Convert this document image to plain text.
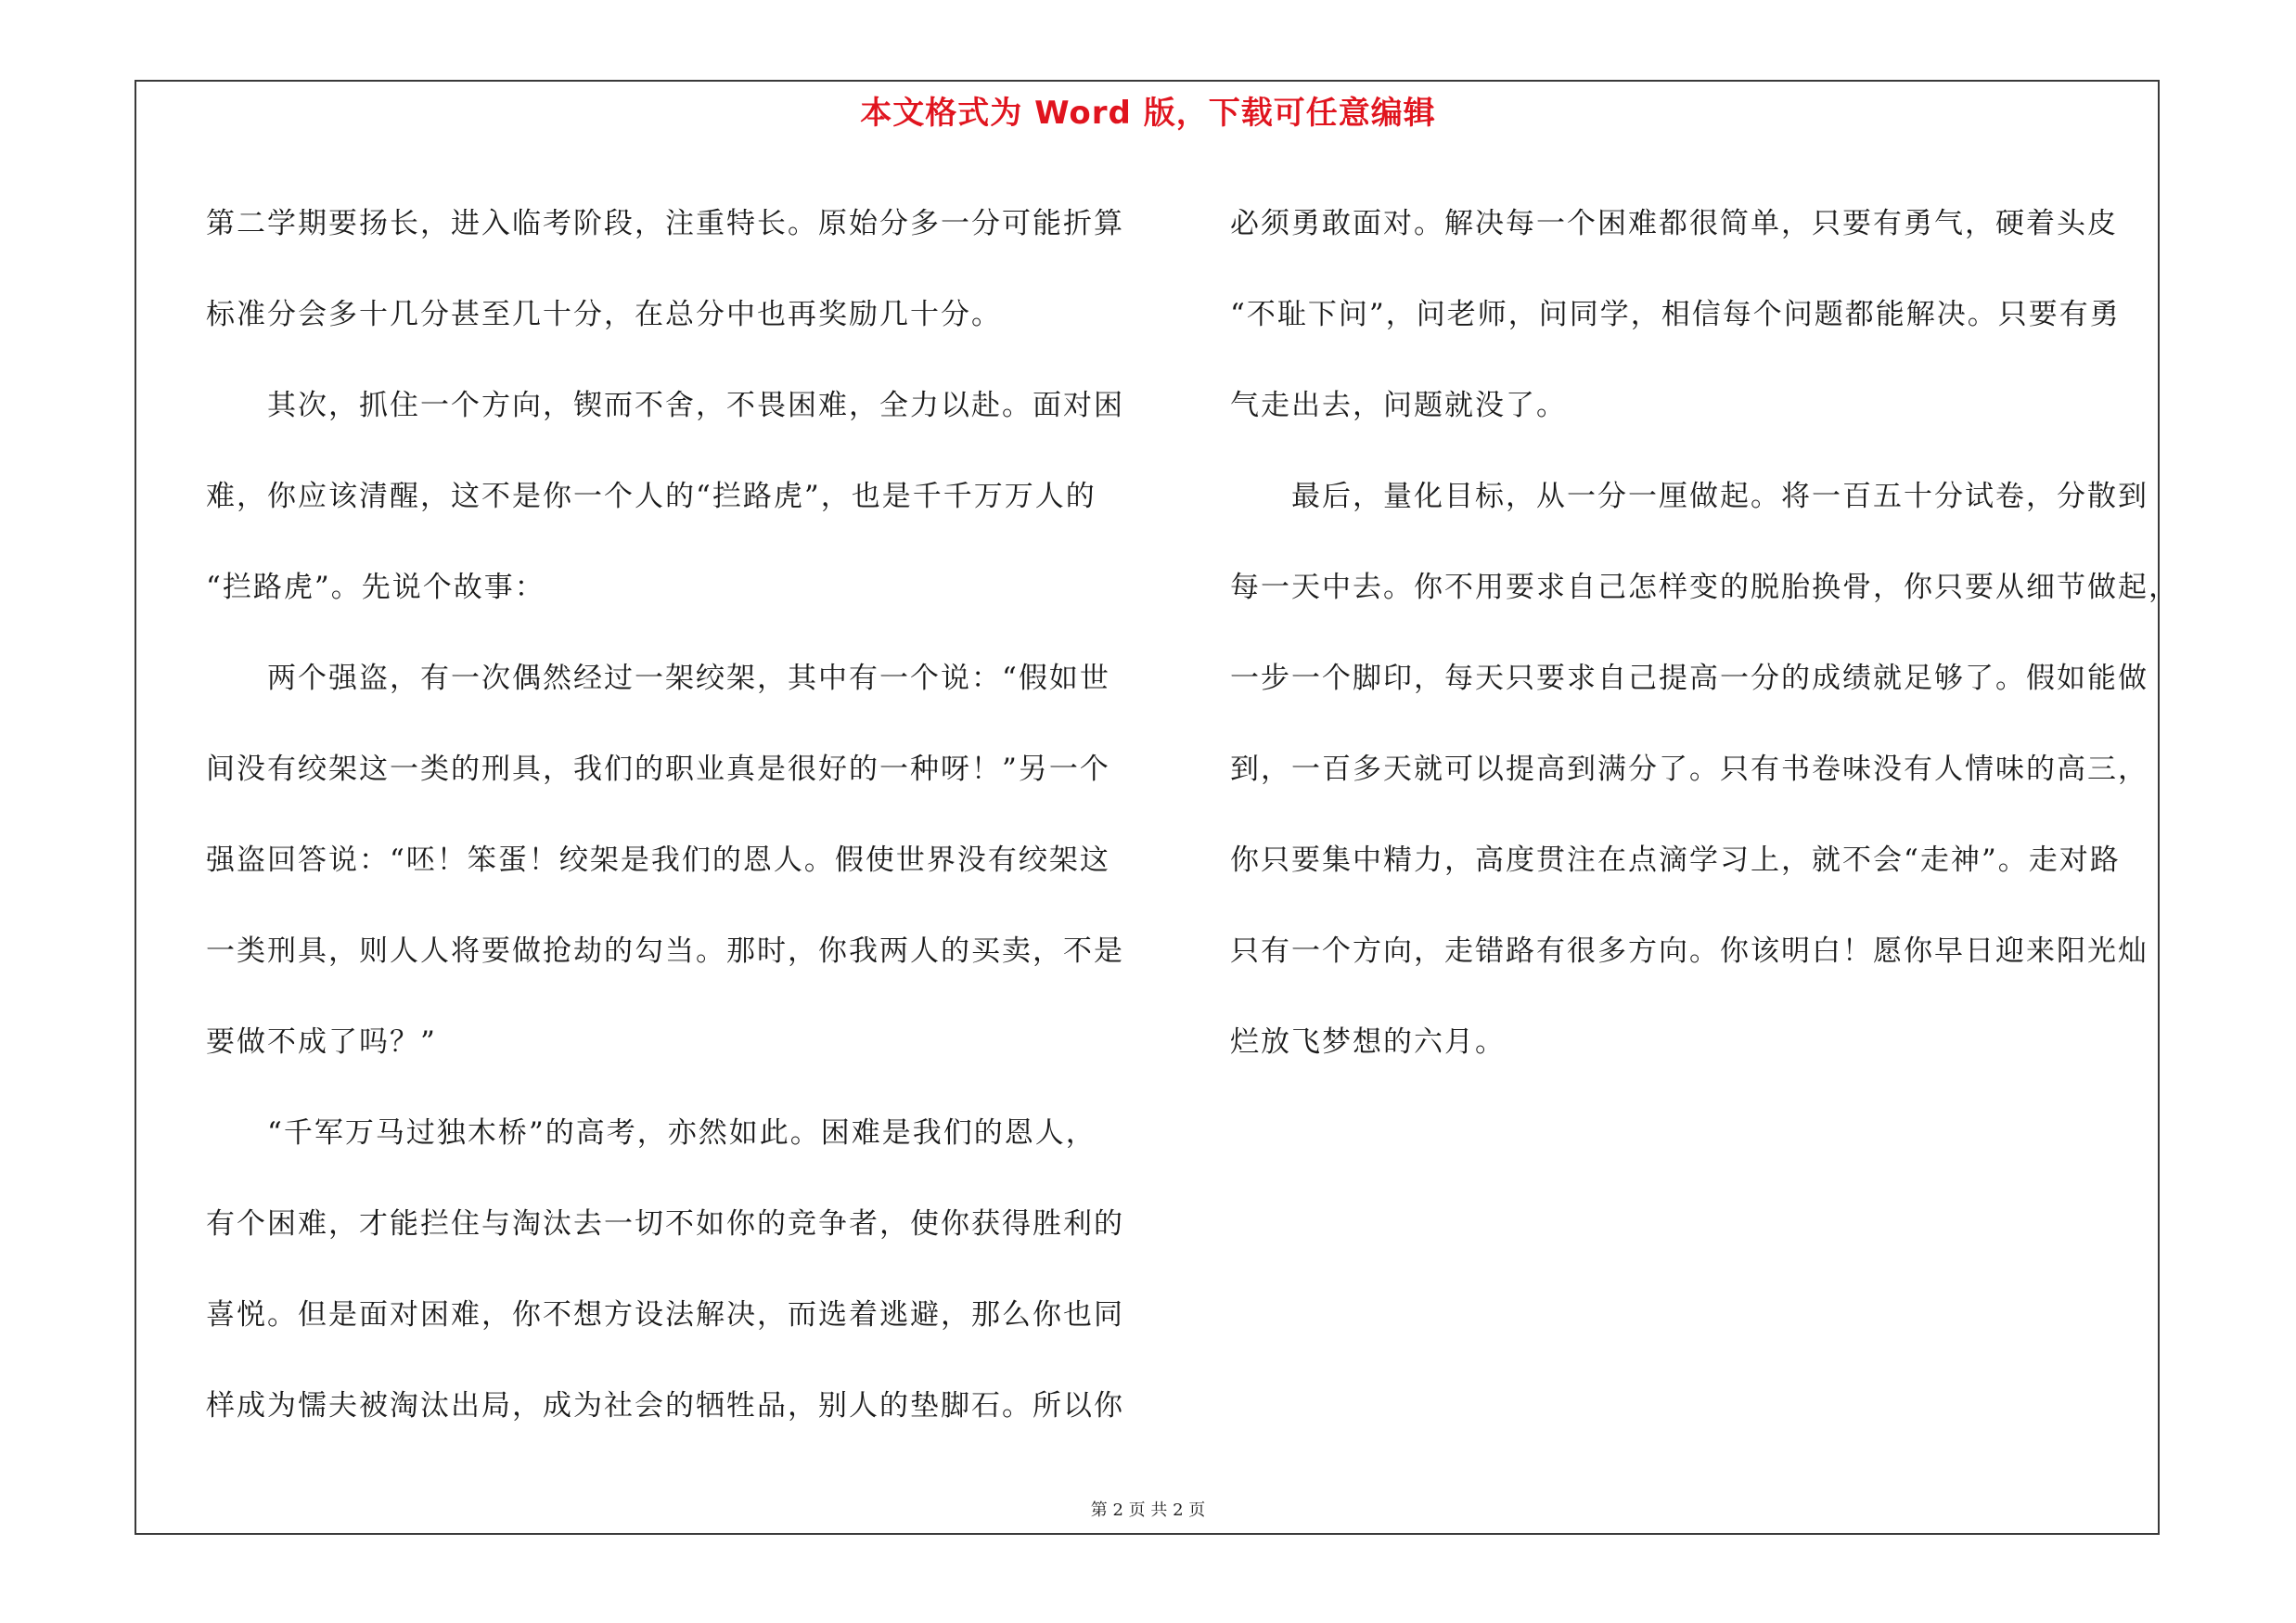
本文格式为 Word 版，下载可任意编辑
第二学期要扬长，进入临考阶段，注重特长。原始分多一分可能折算
标准分会多十几分甚至几十分，在总分中也再奖励几十分。
其次，抓住一个方向，锲而不舍，不畏困难，全力以赴。面对困
难，你应该清醒，这不是你一个人的“拦路虎”，也是千千万万人的
“拦路虎”。先说个故事：
两个强盗，有一次偶然经过一架绞架，其中有一个说：“假如世
间没有绞架这一类的刑具，我们的职业真是很好的一种呀！”另一个
强盗回答说：“呸！笨蛋！绞架是我们的恩人。假使世界没有绞架这
一类刑具，则人人将要做抢劫的勾当。那时，你我两人的买卖，不是
要做不成了吗？”
“千军万马过独木桥”的高考，亦然如此。困难是我们的恩人，
有个困难，才能拦住与淘汰去一切不如你的竞争者，使你获得胜利的
喜悦。但是面对困难，你不想方设法解决，而选着逃避，那么你也同
样成为懦夫被淘汰出局，成为社会的牺牲品，别人的垫脚石。所以你
必须勇敢面对。解决每一个困难都很简单，只要有勇气，硬着头皮
“不耻下问”，问老师，问同学，相信每个问题都能解决。只要有勇
气走出去，问题就没了。
最后，量化目标，从一分一厘做起。将一百五十分试卷，分散到
每一天中去。你不用要求自己怎样变的脱胎换骨，你只要从细节做起，
一步一个脚印，每天只要求自己提高一分的成绩就足够了。假如能做
到，一百多天就可以提高到满分了。只有书卷味没有人情味的高三，
你只要集中精力，高度贯注在点滴学习上，就不会“走神”。走对路
只有一个方向，走错路有很多方向。你该明白！愿你早日迎来阳光灿
烂放飞梦想的六月。
第 2 页 共 2 页
